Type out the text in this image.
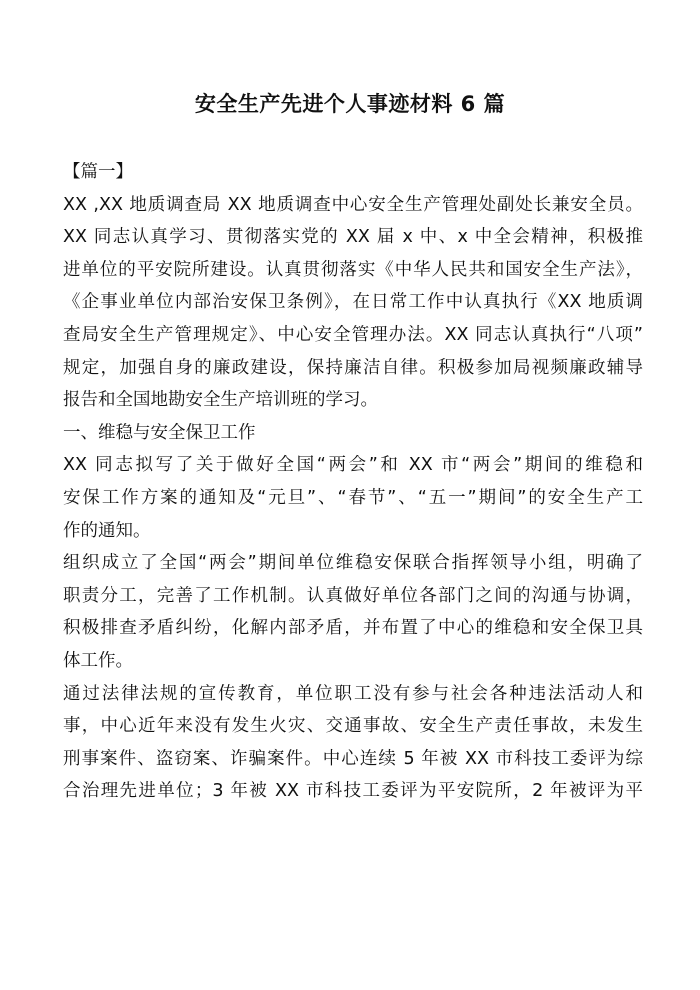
安全生产先进个人事迹材料 6 篇
【篇一】
XX ,XX 地质调查局 XX 地质调查中心安全生产管理处副处长兼安全员。
XX 同志认真学习、贯彻落实党的 XX 届 x 中、x 中全会精神，积极推
进单位的平安院所建设。认真贯彻落实《中华人民共和国安全生产法》，
《企事业单位内部治安保卫条例》，在日常工作中认真执行《XX 地质调
查局安全生产管理规定》、中心安全管理办法。XX 同志认真执行“八项”
规定，加强自身的廉政建设，保持廉洁自律。积极参加局视频廉政辅导
报告和全国地勘安全生产培训班的学习。
一、维稳与安全保卫工作
XX 同志拟写了关于做好全国“两会”和 XX 市“两会”期间的维稳和
安保工作方案的通知及“元旦”、“春节”、“五一”期间”的安全生产工
作的通知。
组织成立了全国“两会”期间单位维稳安保联合指挥领导小组，明确了
职责分工，完善了工作机制。认真做好单位各部门之间的沟通与协调，
积极排查矛盾纠纷，化解内部矛盾，并布置了中心的维稳和安全保卫具
体工作。
通过法律法规的宣传教育，单位职工没有参与社会各种违法活动人和
事，中心近年来没有发生火灾、交通事故、安全生产责任事故，未发生
刑事案件、盗窃案、诈骗案件。中心连续 5 年被 XX 市科技工委评为综
合治理先进单位；3 年被 XX 市科技工委评为平安院所，2 年被评为平
